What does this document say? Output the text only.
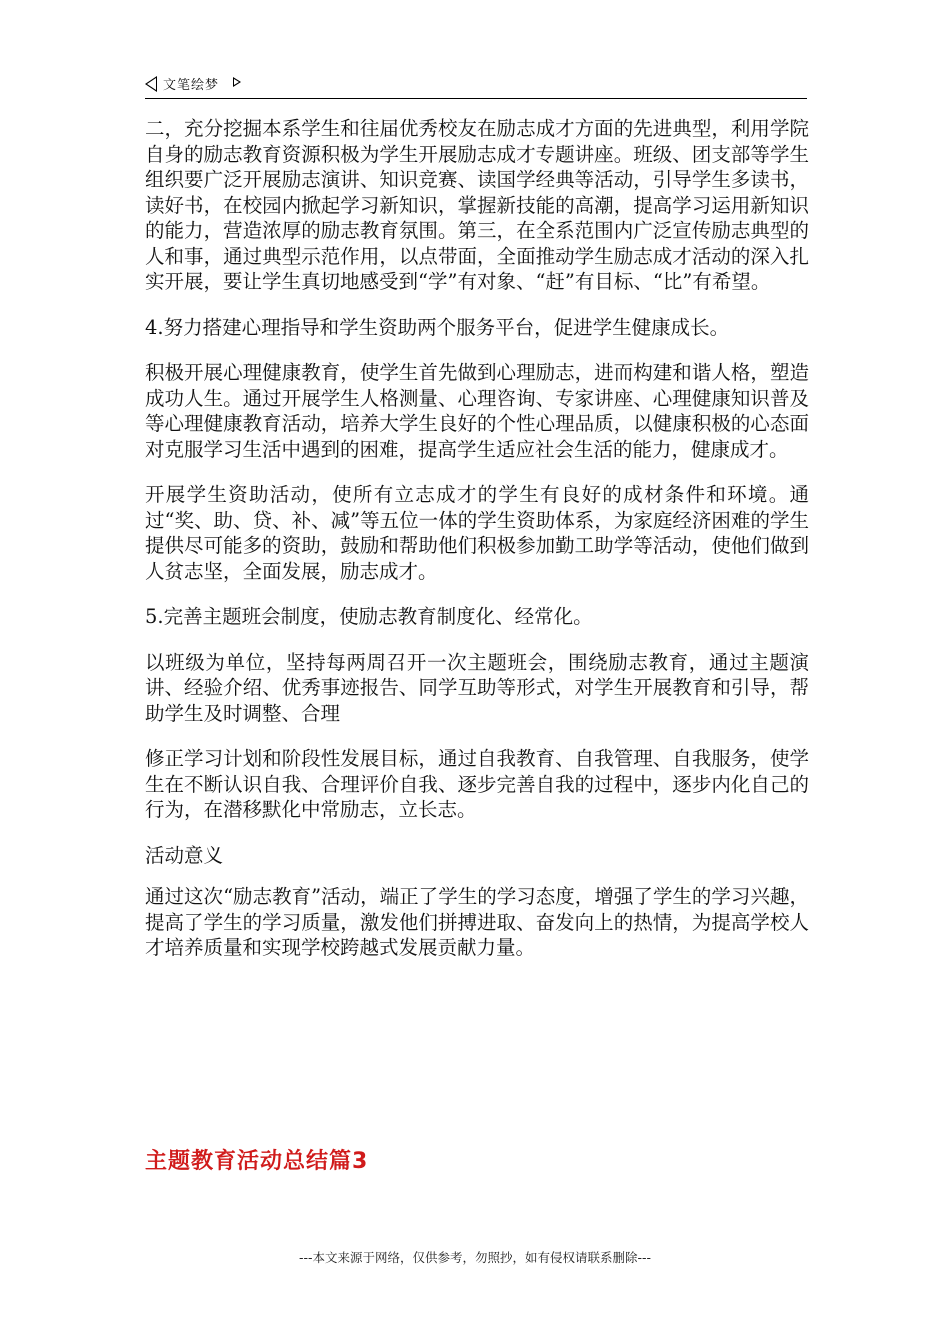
文笔绘梦

二，充分挖掘本系学生和往届优秀校友在励志成才方面的先进典型，利用学院自身的励志教育资源积极为学生开展励志成才专题讲座。班级、团支部等学生组织要广泛开展励志演讲、知识竞赛、读国学经典等活动，引导学生多读书，读好书，在校园内掀起学习新知识，掌握新技能的高潮，提高学习运用新知识的能力，营造浓厚的励志教育氛围。第三，在全系范围内广泛宣传励志典型的人和事，通过典型示范作用，以点带面，全面推动学生励志成才活动的深入扎实开展，要让学生真切地感受到“学”有对象、“赶”有目标、“比”有希望。

4.努力搭建心理指导和学生资助两个服务平台，促进学生健康成长。

积极开展心理健康教育，使学生首先做到心理励志，进而构建和谐人格，塑造成功人生。通过开展学生人格测量、心理咨询、专家讲座、心理健康知识普及等心理健康教育活动，培养大学生良好的个性心理品质，以健康积极的心态面对克服学习生活中遇到的困难，提高学生适应社会生活的能力，健康成才。

开展学生资助活动，使所有立志成才的学生有良好的成材条件和环境。通过“奖、助、贷、补、减”等五位一体的学生资助体系，为家庭经济困难的学生提供尽可能多的资助，鼓励和帮助他们积极参加勤工助学等活动，使他们做到人贫志坚，全面发展，励志成才。

5.完善主题班会制度，使励志教育制度化、经常化。

以班级为单位，坚持每两周召开一次主题班会，围绕励志教育，通过主题演讲、经验介绍、优秀事迹报告、同学互助等形式，对学生开展教育和引导，帮助学生及时调整、合理

修正学习计划和阶段性发展目标，通过自我教育、自我管理、自我服务，使学生在不断认识自我、合理评价自我、逐步完善自我的过程中，逐步内化自己的行为，在潜移默化中常励志，立长志。

活动意义

通过这次“励志教育”活动，端正了学生的学习态度，增强了学生的学习兴趣，提高了学生的学习质量，激发他们拼搏进取、奋发向上的热情，为提高学校人才培养质量和实现学校跨越式发展贡献力量。

主题教育活动总结篇3
---本文来源于网络，仅供参考，勿照抄，如有侵权请联系删除---
